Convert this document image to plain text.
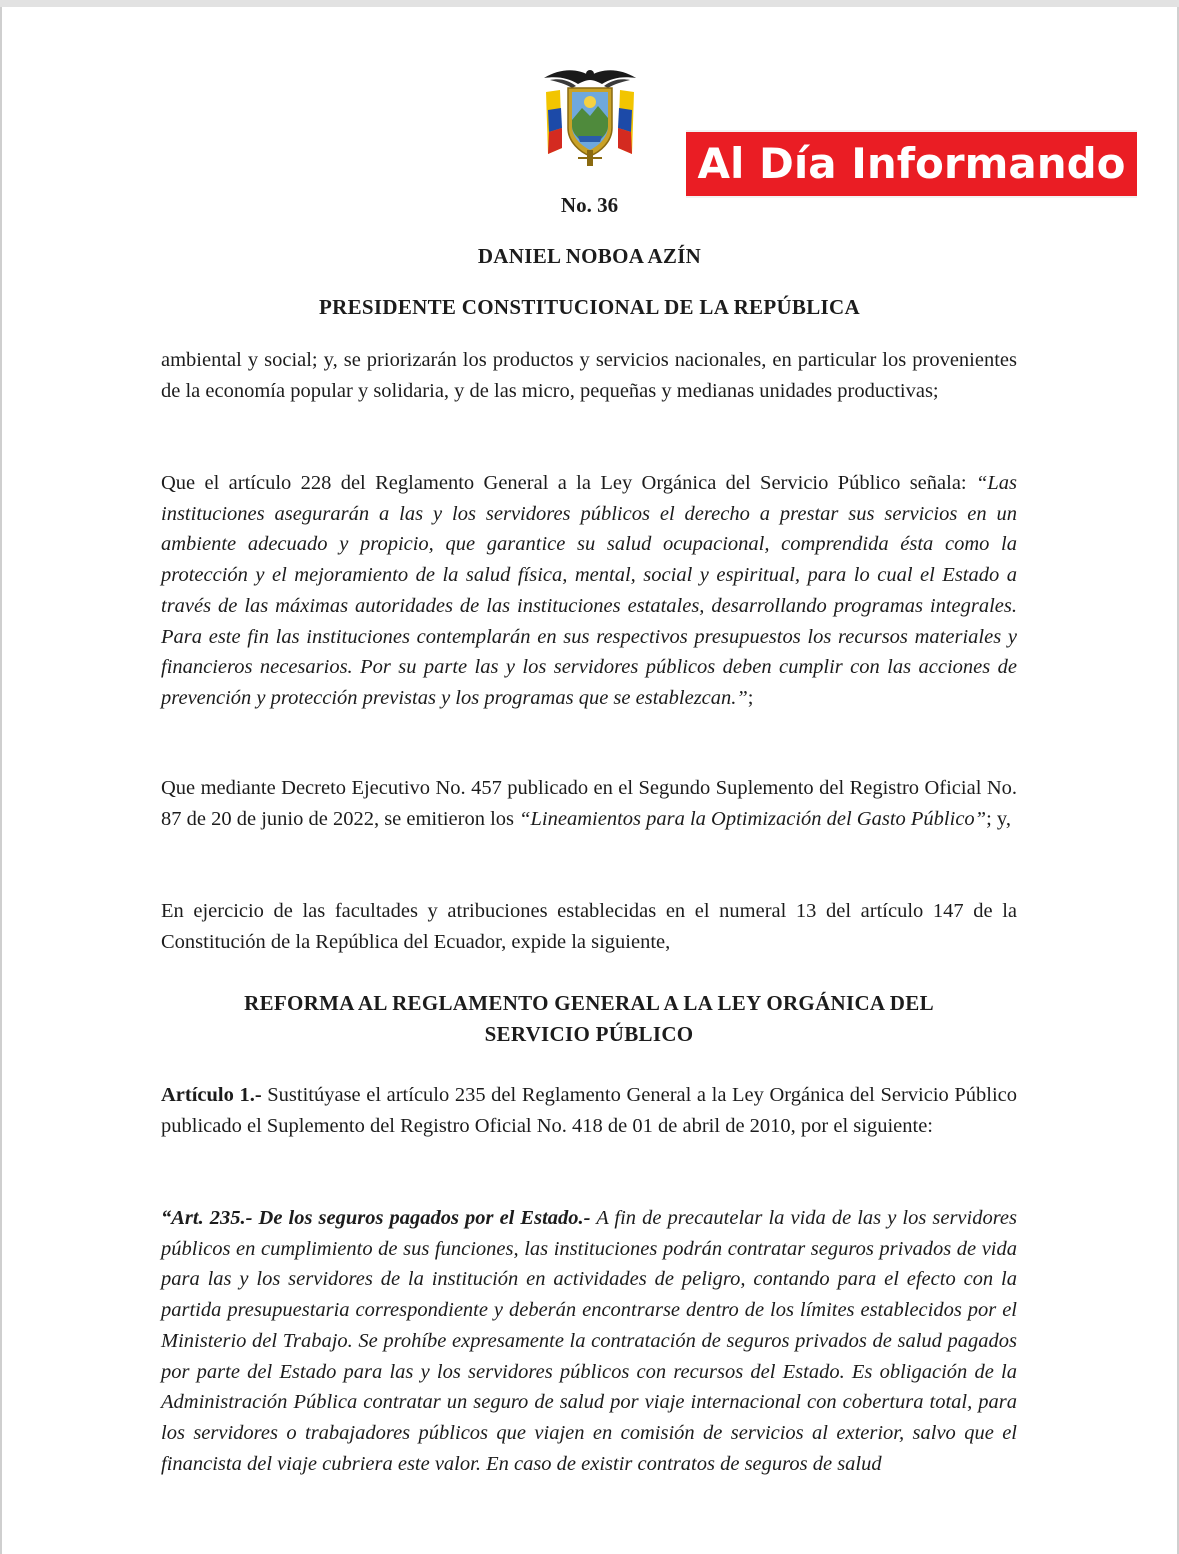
Al Día Informando
No. 36
DANIEL NOBOA AZÍN
PRESIDENTE CONSTITUCIONAL DE LA REPÚBLICA

ambiental y social; y, se priorizarán los productos y servicios nacionales, en particular los provenientes de la economía popular y solidaria, y de las micro, pequeñas y medianas unidades productivas;

Que el artículo 228 del Reglamento General a la Ley Orgánica del Servicio Público señala: “Las instituciones asegurarán a las y los servidores públicos el derecho a prestar sus servicios en un ambiente adecuado y propicio, que garantice su salud ocupacional, comprendida ésta como la protección y el mejoramiento de la salud física, mental, social y espiritual, para lo cual el Estado a través de las máximas autoridades de las instituciones estatales, desarrollando programas integrales. Para este fin las instituciones contemplarán en sus respectivos presupuestos los recursos materiales y financieros necesarios. Por su parte las y los servidores públicos deben cumplir con las acciones de prevención y protección previstas y los programas que se establezcan.”;

Que mediante Decreto Ejecutivo No. 457 publicado en el Segundo Suplemento del Registro Oficial No. 87 de 20 de junio de 2022, se emitieron los “Lineamientos para la Optimización del Gasto Público”; y,

En ejercicio de las facultades y atribuciones establecidas en el numeral 13 del artículo 147 de la Constitución de la República del Ecuador, expide la siguiente,

REFORMA AL REGLAMENTO GENERAL A LA LEY ORGÁNICA DEL
SERVICIO PÚBLICO

Artículo 1.- Sustitúyase el artículo 235 del Reglamento General a la Ley Orgánica del Servicio Público publicado el Suplemento del Registro Oficial No. 418 de 01 de abril de 2010, por el siguiente:

“Art. 235.- De los seguros pagados por el Estado.- A fin de precautelar la vida de las y los servidores públicos en cumplimiento de sus funciones, las instituciones podrán contratar seguros privados de vida para las y los servidores de la institución en actividades de peligro, contando para el efecto con la partida presupuestaria correspondiente y deberán encontrarse dentro de los límites establecidos por el Ministerio del Trabajo. Se prohíbe expresamente la contratación de seguros privados de salud pagados por parte del Estado para las y los servidores públicos con recursos del Estado. Es obligación de la Administración Pública contratar un seguro de salud por viaje internacional con cobertura total, para los servidores o trabajadores públicos que viajen en comisión de servicios al exterior, salvo que el financista del viaje cubriera este valor. En caso de existir contratos de seguros de salud
